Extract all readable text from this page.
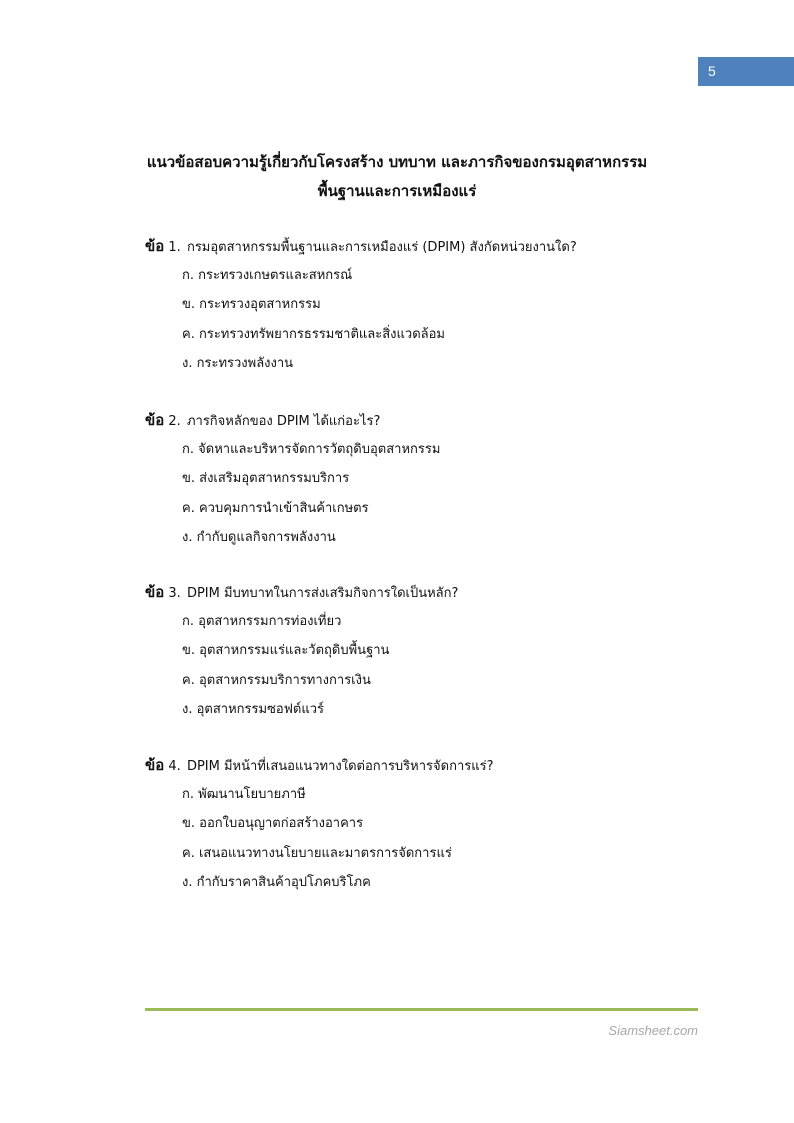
5
แนวข้อสอบความรู้เกี่ยวกับโครงสร้าง บทบาท และภารกิจของกรมอุตสาหกรรม
พื้นฐานและการเหมืองแร่
ข้อ 1. กรมอุตสาหกรรมพื้นฐานและการเหมืองแร่ (DPIM) สังกัดหน่วยงานใด?
ก. กระทรวงเกษตรและสหกรณ์
ข. กระทรวงอุตสาหกรรม
ค. กระทรวงทรัพยากรธรรมชาติและสิ่งแวดล้อม
ง. กระทรวงพลังงาน
ข้อ 2. ภารกิจหลักของ DPIM ได้แก่อะไร?
ก. จัดหาและบริหารจัดการวัตถุดิบอุตสาหกรรม
ข. ส่งเสริมอุตสาหกรรมบริการ
ค. ควบคุมการนำเข้าสินค้าเกษตร
ง. กำกับดูแลกิจการพลังงาน
ข้อ 3. DPIM มีบทบาทในการส่งเสริมกิจการใดเป็นหลัก?
ก. อุตสาหกรรมการท่องเที่ยว
ข. อุตสาหกรรมแร่และวัตถุดิบพื้นฐาน
ค. อุตสาหกรรมบริการทางการเงิน
ง. อุตสาหกรรมซอฟต์แวร์
ข้อ 4. DPIM มีหน้าที่เสนอแนวทางใดต่อการบริหารจัดการแร่?
ก. พัฒนานโยบายภาษี
ข. ออกใบอนุญาตก่อสร้างอาคาร
ค. เสนอแนวทางนโยบายและมาตรการจัดการแร่
ง. กำกับราคาสินค้าอุปโภคบริโภค
Siamsheet.com
